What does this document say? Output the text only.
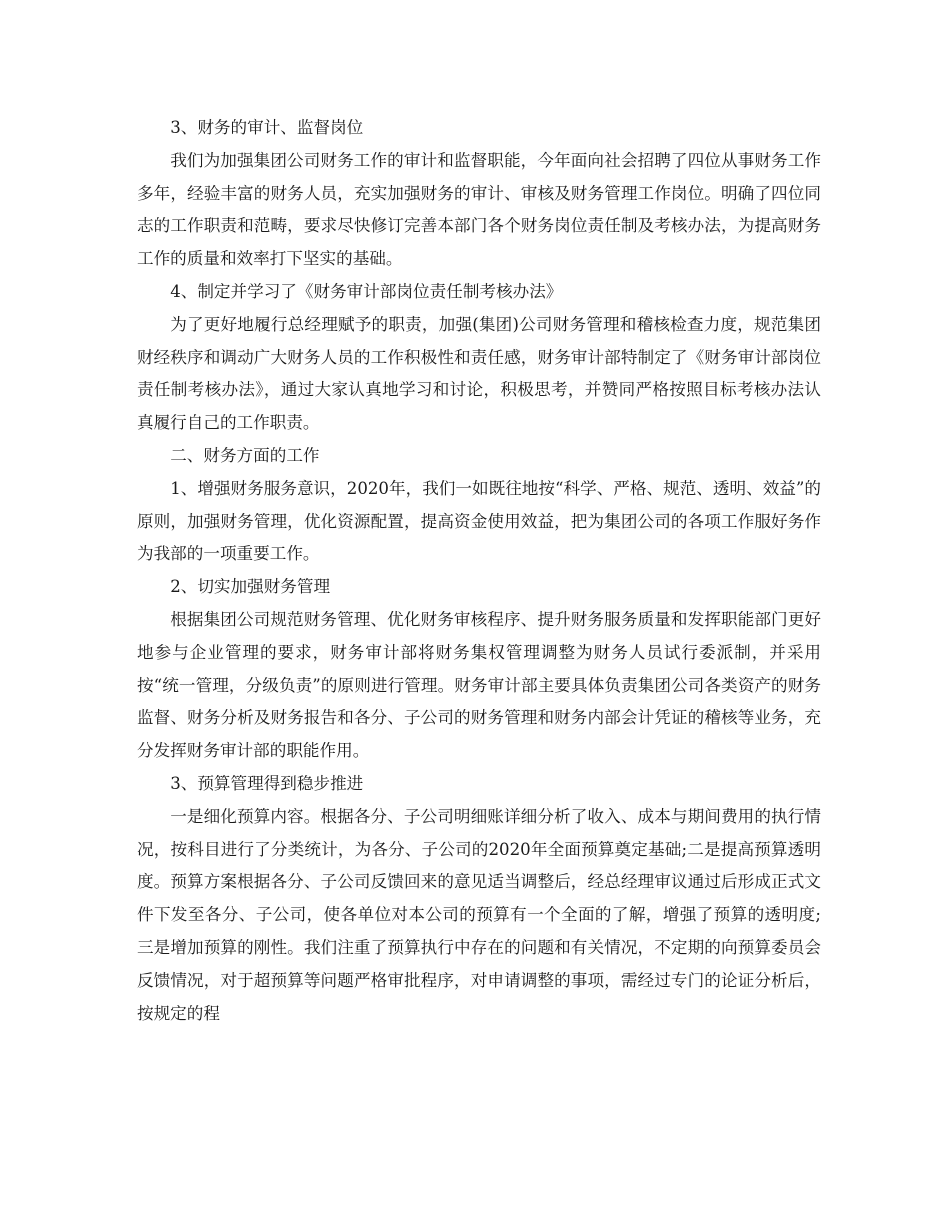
3、财务的审计、监督岗位

我们为加强集团公司财务工作的审计和监督职能，今年面向社会招聘了四位从事财务工作多年，经验丰富的财务人员，充实加强财务的审计、审核及财务管理工作岗位。明确了四位同志的工作职责和范畴，要求尽快修订完善本部门各个财务岗位责任制及考核办法，为提高财务工作的质量和效率打下坚实的基础。

4、制定并学习了《财务审计部岗位责任制考核办法》

为了更好地履行总经理赋予的职责，加强(集团)公司财务管理和稽核检查力度，规范集团财经秩序和调动广大财务人员的工作积极性和责任感，财务审计部特制定了《财务审计部岗位责任制考核办法》，通过大家认真地学习和讨论，积极思考，并赞同严格按照目标考核办法认真履行自己的工作职责。

二、财务方面的工作

1、增强财务服务意识，2020年，我们一如既往地按“科学、严格、规范、透明、效益”的原则，加强财务管理，优化资源配置，提高资金使用效益，把为集团公司的各项工作服好务作为我部的一项重要工作。

2、切实加强财务管理

根据集团公司规范财务管理、优化财务审核程序、提升财务服务质量和发挥职能部门更好地参与企业管理的要求，财务审计部将财务集权管理调整为财务人员试行委派制，并采用按“统一管理，分级负责”的原则进行管理。财务审计部主要具体负责集团公司各类资产的财务监督、财务分析及财务报告和各分、子公司的财务管理和财务内部会计凭证的稽核等业务，充分发挥财务审计部的职能作用。

3、预算管理得到稳步推进

一是细化预算内容。根据各分、子公司明细账详细分析了收入、成本与期间费用的执行情况，按科目进行了分类统计，为各分、子公司的2020年全面预算奠定基础;二是提高预算透明度。预算方案根据各分、子公司反馈回来的意见适当调整后，经总经理审议通过后形成正式文件下发至各分、子公司，使各单位对本公司的预算有一个全面的了解，增强了预算的透明度;三是增加预算的刚性。我们注重了预算执行中存在的问题和有关情况，不定期的向预算委员会反馈情况，对于超预算等问题严格审批程序，对申请调整的事项，需经过专门的论证分析后，按规定的程
